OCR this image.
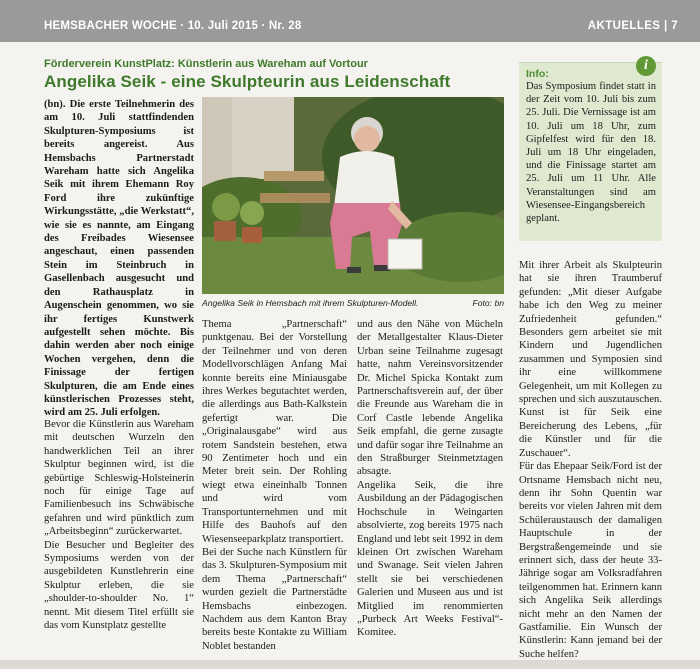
HEMSBACHER WOCHE · 10. Juli 2015 · Nr. 28	AKTUELLES | 7
Förderverein KunstPlatz: Künstlerin aus Wareham auf Vortour
Angelika Seik - eine Skulpteurin aus Leidenschaft

(bn). Die erste Teilnehmerin des am 10. Juli stattfindenden Skulpturen-Symposiums ist bereits angereist. Aus Hemsbachs Partnerstadt Wareham hatte sich Angelika Seik mit ihrem Ehemann Roy Ford ihre zukünftige Wirkungsstätte, „die Werkstatt“, wie sie es nannte, am Eingang des Freibades Wiesensee angeschaut, einen passenden Stein im Steinbruch in Gasellenbach ausgesucht und den Rathausplatz in Augenschein genommen, wo sie ihr fertiges Kunstwerk aufgestellt sehen möchte. Bis dahin werden aber noch einige Wochen vergehen, denn die Finissage der fertigen Skulpturen, die am Ende eines künstlerischen Prozesses steht, wird am 25. Juli erfolgen.

Bevor die Künstlerin aus Wareham mit deutschen Wurzeln den handwerklichen Teil an ihrer Skulptur beginnen wird, ist die gebürtige Schleswig-Holsteinerin noch für einige Tage auf Familienbesuch ins Schwäbische gefahren und wird pünktlich zum „Arbeitsbeginn“ zurückerwartet.

Die Besucher und Begleiter des Symposiums werden von der ausgebildeten Kunstlehrerin eine Skulptur erleben, die sie „shoulder-to-shoulder No. 1“ nennt. Mit diesem Titel erfüllt sie das vom Kunstplatz gestellte

Angelika Seik in Hemsbach mit ihrem Skulpturen-Modell.	Foto: bn

Thema „Partnerschaft“ punktgenau. Bei der Vorstellung der Teilnehmer und von deren Modellvorschlägen Anfang Mai konnte bereits eine Miniausgabe ihres Werkes begutachtet werden, die allerdings aus Bath-Kalkstein gefertigt war. Die „Originalausgabe“ wird aus rotem Sandstein bestehen, etwa 90 Zentimeter hoch und ein Meter breit sein. Der Rohling wiegt etwa eineinhalb Tonnen und wird vom Transportunternehmen und mit Hilfe des Bauhofs auf den Wiesenseeparkplatz transportiert.

Bei der Suche nach Künstlern für das 3. Skulpturen-Symposium mit dem Thema „Partnerschaft“ wurden gezielt die Partnerstädte Hemsbachs einbezogen. Nachdem aus dem Kanton Bray bereits beste Kontakte zu William Noblet bestanden

und aus den Nähe von Mücheln der Metallgestalter Klaus-Dieter Urban seine Teilnahme zugesagt hatte, nahm Vereinsvorsitzender Dr. Michel Spicka Kontakt zum Partnerschaftsverein auf, der über die Freunde aus Wareham die in Corf Castle lebende Angelika Seik empfahl, die gerne zusagte und dafür sogar ihre Teilnahme an den Straßburger Steinmetztagen absagte.

Angelika Seik, die ihre Ausbildung an der Pädagogischen Hochschule in Weingarten absolvierte, zog bereits 1975 nach England und lebt seit 1992 in dem kleinen Ort zwischen Wareham und Swanage. Seit vielen Jahren stellt sie bei verschiedenen Galerien und Museen aus und ist Mitglied im renommierten „Purbeck Art Weeks Festival“-Komitee.

Info:
i

Das Symposium findet statt in der Zeit vom 10. Juli bis zum 25. Juli. Die Vernissage ist am 10. Juli um 18 Uhr, zum Gipfelfest wird für den 18. Juli um 18 Uhr eingeladen, und die Finissage startet am 25. Juli um 11 Uhr. Alle Veranstaltungen sind am Wiesensee-Eingangsbereich geplant.

Mit ihrer Arbeit als Skulpteurin hat sie ihren Traumberuf gefunden: „Mit dieser Aufgabe habe ich den Weg zu meiner Zufriedenheit gefunden.“ Besonders gern arbeitet sie mit Kindern und Jugendlichen zusammen und Symposien sind ihr eine willkommene Gelegenheit, um mit Kollegen zu sprechen und sich auszutauschen. Kunst ist für Seik eine Bereicherung des Lebens, „für die Künstler und für die Zuschauer“.

Für das Ehepaar Seik/Ford ist der Ortsname Hemsbach nicht neu, denn ihr Sohn Quentin war bereits vor vielen Jahren mit dem Schüleraustausch der damaligen Hauptschule in der Bergstraßengemeinde und sie erinnert sich, dass der heute 33-Jährige sogar am Volksradfahren teilgenommen hat. Erinnern kann sich Angelika Seik allerdings nicht mehr an den Namen der Gastfamilie. Ein Wunsch der Künstlerin: Kann jemand bei der Suche helfen?
